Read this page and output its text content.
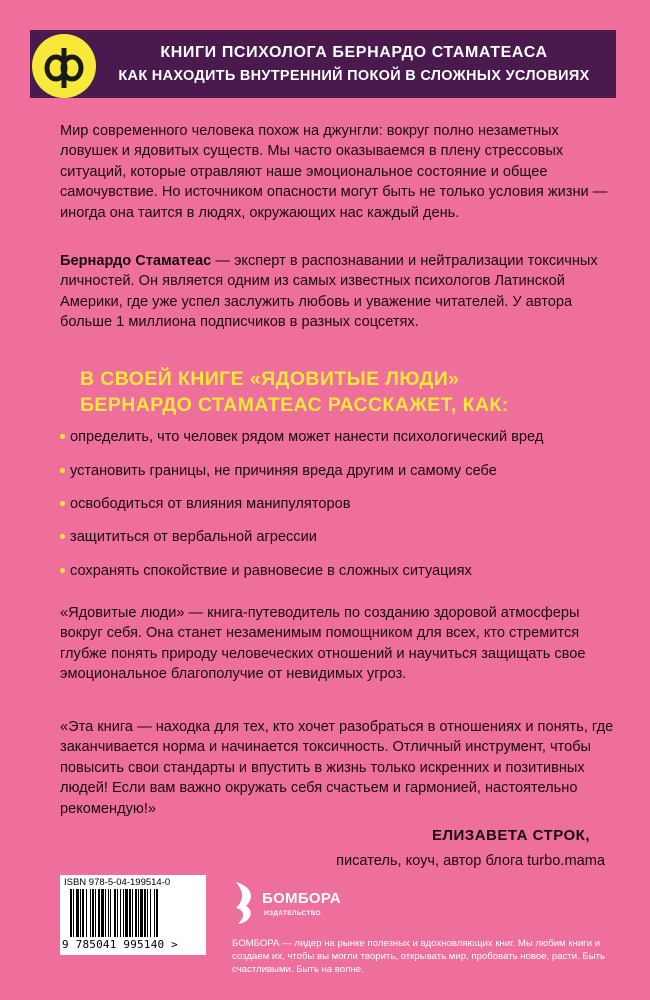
КНИГИ ПСИХОЛОГА БЕРНАРДО СТАМАТЕАСА
КАК НАХОДИТЬ ВНУТРЕННИЙ ПОКОЙ В СЛОЖНЫХ УСЛОВИЯХ

Мир современного человека похож на джунгли: вокруг полно незаметных ловушек и ядовитых существ. Мы часто оказываемся в плену стрессовых ситуаций, которые отравляют наше эмоциональное состояние и общее самочувствие. Но источником опасности могут быть не только условия жизни — иногда она таится в людях, окружающих нас каждый день.

Бернардо Стаматеас — эксперт в распознавании и нейтрализации токсичных личностей. Он является одним из самых известных психологов Латинской Америки, где уже успел заслужить любовь и уважение читателей. У автора больше 1 миллиона подписчиков в разных соцсетях.

В СВОЕЙ КНИГЕ «ЯДОВИТЫЕ ЛЮДИ»
БЕРНАРДО СТАМАТЕАС РАССКАЖЕТ, КАК:

определить, что человек рядом может нанести психологический вред
установить границы, не причиняя вреда другим и самому себе
освободиться от влияния манипуляторов
защититься от вербальной агрессии
сохранять спокойствие и равновесие в сложных ситуациях

«Ядовитые люди» — книга-путеводитель по созданию здоровой атмосферы вокруг себя. Она станет незаменимым помощником для всех, кто стремится глубже понять природу человеческих отношений и научиться защищать свое эмоциональное благополучие от невидимых угроз.

«Эта книга — находка для тех, кто хочет разобраться в отношениях и понять, где заканчивается норма и начинается токсичность. Отличный инструмент, чтобы повысить свои стандарты и впустить в жизнь только искренних и позитивных людей! Если вам важно окружать себя счастьем и гармонией, настоятельно рекомендую!»

ЕЛИЗАВЕТА СТРОК,
писатель, коуч, автор блога turbo.mama
ISBN 978-5-04-199514-0
9 785041 995140 >
БОМБОРА
ИЗДАТЕЛЬСТВО

БОМБОРА — лидер на рынке полезных и вдохновляющих книг. Мы любим книги и создаем их, чтобы вы могли творить, открывать мир, пробовать новое, расти. Быть счастливыми. Быть на волне.
